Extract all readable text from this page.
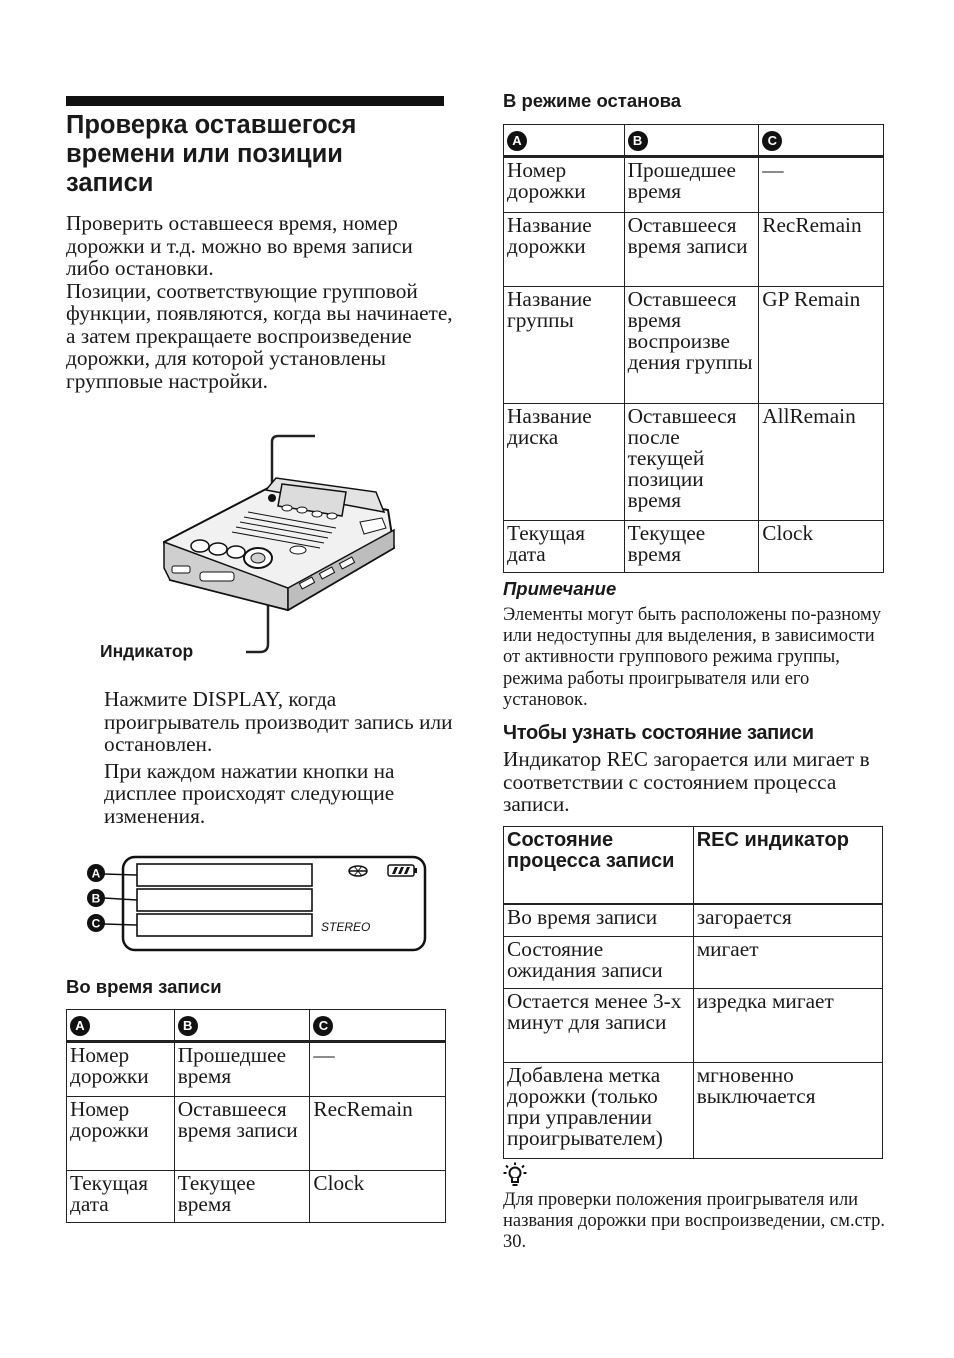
Проверка оставшегося
времени или позиции
записи

Проверить оставшееся время, номер дорожки и т.д. можно во время записи либо остановки.

Позиции, соответствующие групповой функции, появляются, когда вы начинаете, а затем прекращаете воспроизведение дорожки, для которой установлены групповые настройки.

Индикатор

Нажмите DISPLAY, когда проигрыватель производит запись или остановлен.

При каждом нажатии кнопки на дисплее происходят следующие изменения.

A
B
C	STEREO
Во время записи
A	B	C
Номер дорожки	Прошедшее время	—
Номер дорожки	Оставшееся время записи	RecRemain
Текущая дата	Текущее время	Clock
В режиме останова
A	B	C
Номер дорожки	Прошедшее время	—
Название дорожки	Оставшееся время записи	RecRemain
Название группы	Оставшееся время воспроизве дения группы	GP Remain
Название диска	Оставшееся после текущей позиции время	AllRemain
Текущая дата	Текущее время	Clock
Примечание

Элементы могут быть расположены по-разному или недоступны для выделения, в зависимости от активности группового режима группы, режима работы проигрывателя или его установок.

Чтобы узнать состояние записи

Индикатор REC загорается или мигает в соответствии с состоянием процесса записи.

Состояние процесса записи	REC индикатор
Во время записи	загорается
Состояние ожидания записи	мигает
Остается менее 3-х минут для записи	изредка мигает
Добавлена метка дорожки (только при управлении проигрывателем)	мгновенно выключается

Для проверки положения проигрывателя или названия дорожки при воспроизведении, см.стр. 30.
